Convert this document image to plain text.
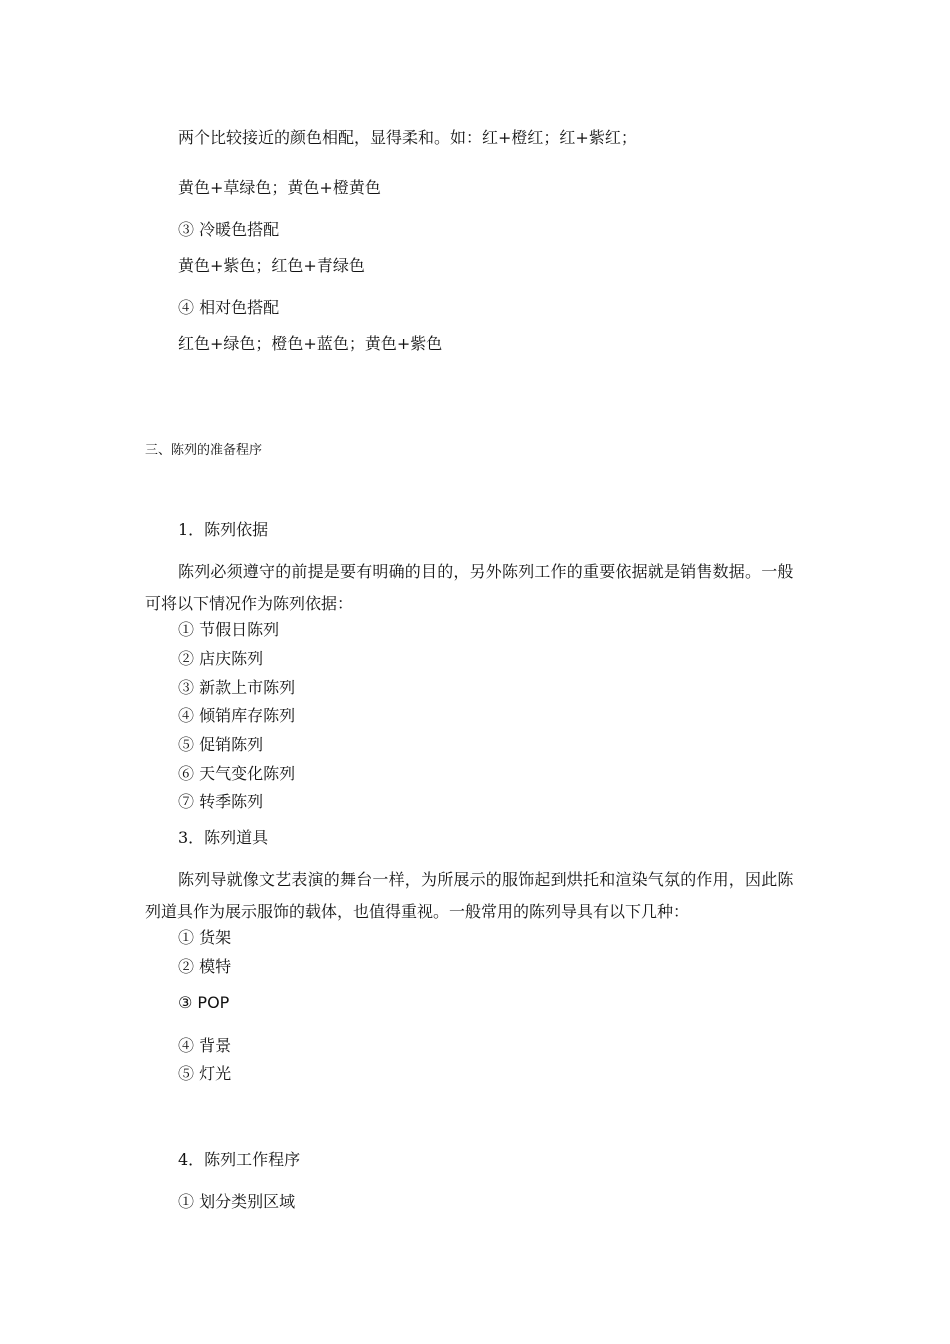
两个比较接近的颜色相配，显得柔和。如：红+橙红；红+紫红；
黄色+草绿色；黄色+橙黄色
③ 冷暖色搭配
黄色+紫色；红色+青绿色
④ 相对色搭配
红色+绿色；橙色+蓝色；黄色+紫色
三、陈列的准备程序
1．陈列依据
陈列必须遵守的前提是要有明确的目的，另外陈列工作的重要依据就是销售数据。一般
可将以下情况作为陈列依据：
① 节假日陈列
② 店庆陈列
③ 新款上市陈列
④ 倾销库存陈列
⑤ 促销陈列
⑥ 天气变化陈列
⑦ 转季陈列
3．陈列道具
陈列导就像文艺表演的舞台一样，为所展示的服饰起到烘托和渲染气氛的作用，因此陈
列道具作为展示服饰的载体，也值得重视。一般常用的陈列导具有以下几种：
① 货架
② 模特
③ POP
④ 背景
⑤ 灯光
4．陈列工作程序
① 划分类别区域
